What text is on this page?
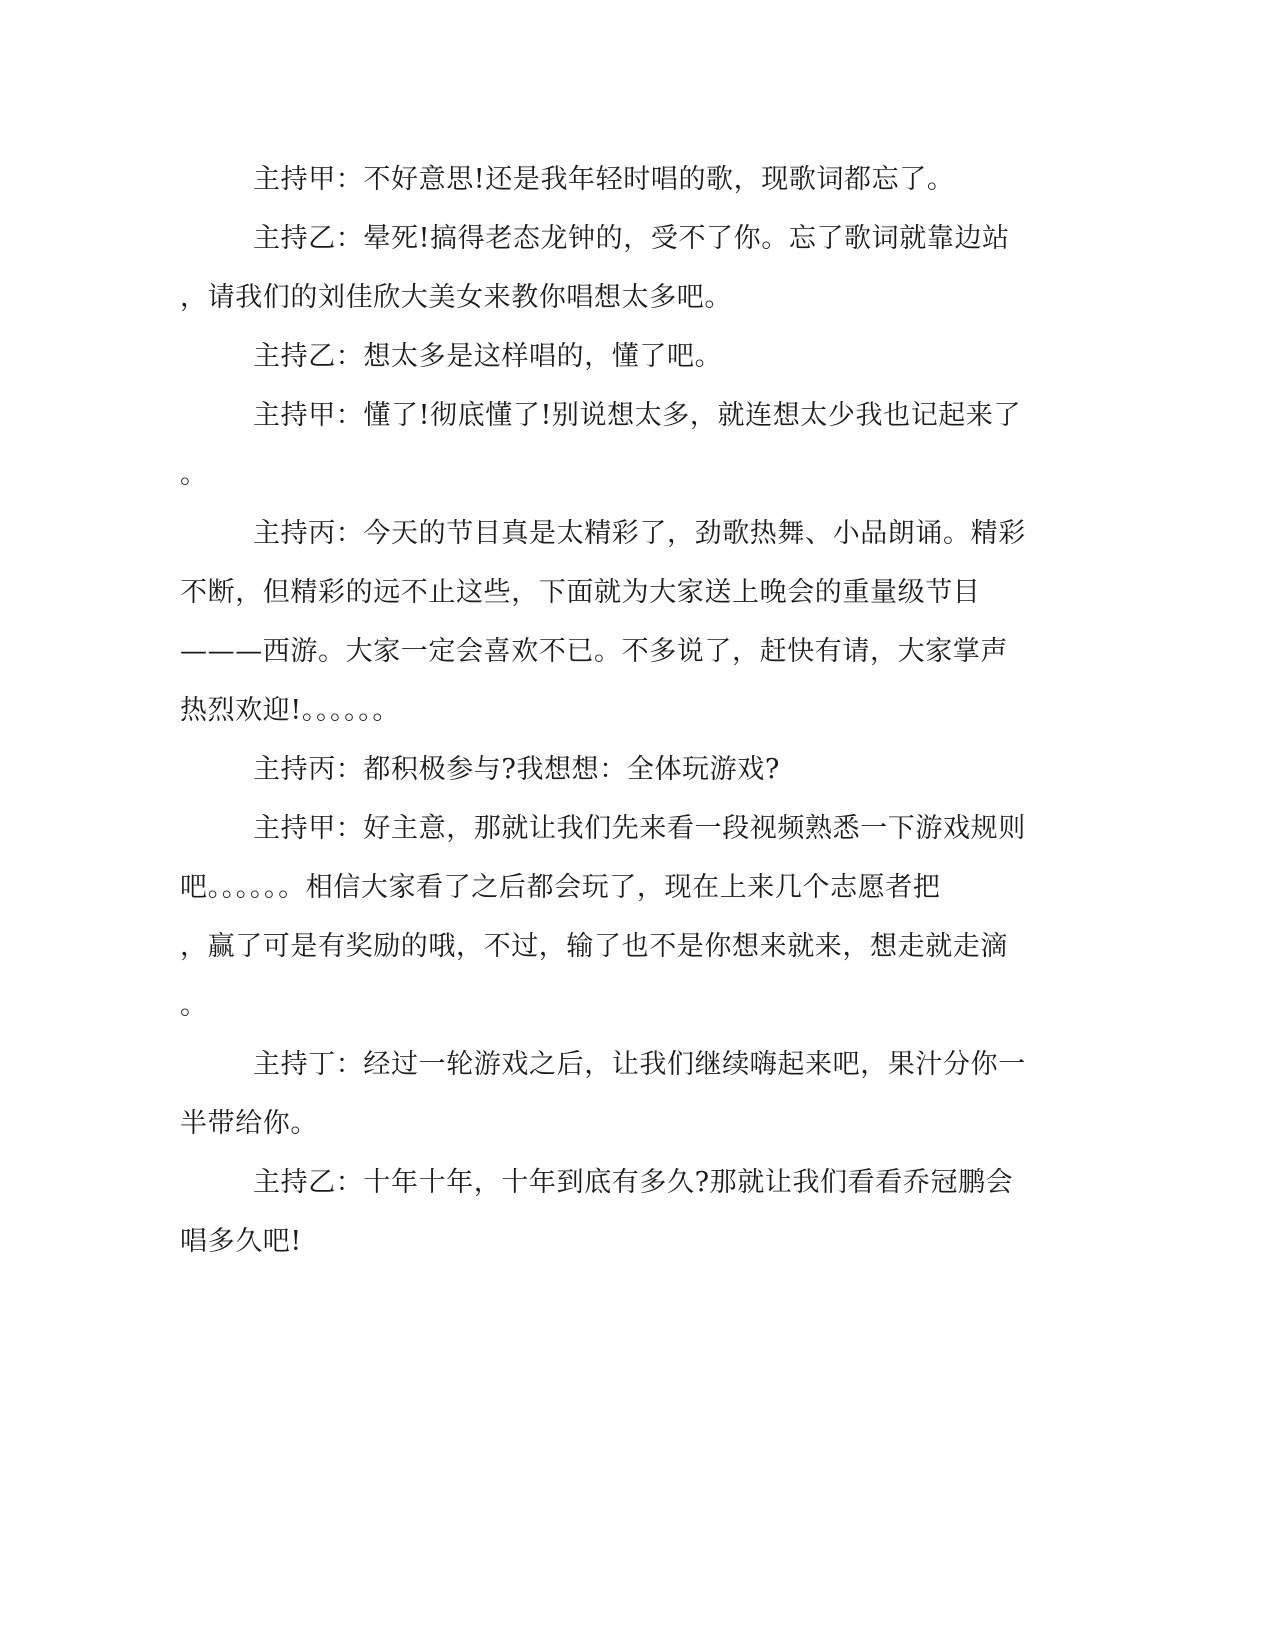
主持甲：不好意思!还是我年轻时唱的歌，现歌词都忘了。
主持乙：晕死!搞得老态龙钟的，受不了你。忘了歌词就靠边站
，请我们的刘佳欣大美女来教你唱想太多吧。
主持乙：想太多是这样唱的，懂了吧。
主持甲：懂了!彻底懂了!别说想太多，就连想太少我也记起来了
。
主持丙：今天的节目真是太精彩了，劲歌热舞、小品朗诵。精彩
不断，但精彩的远不止这些，下面就为大家送上晚会的重量级节目
———西游。大家一定会喜欢不已。不多说了，赶快有请，大家掌声
热烈欢迎!。。。。。。
主持丙：都积极参与?我想想：全体玩游戏?
主持甲：好主意，那就让我们先来看一段视频熟悉一下游戏规则
吧。。。。。。相信大家看了之后都会玩了，现在上来几个志愿者把
，赢了可是有奖励的哦，不过，输了也不是你想来就来，想走就走滴
。
主持丁：经过一轮游戏之后，让我们继续嗨起来吧，果汁分你一
半带给你。
主持乙：十年十年，十年到底有多久?那就让我们看看乔冠鹏会
唱多久吧!
